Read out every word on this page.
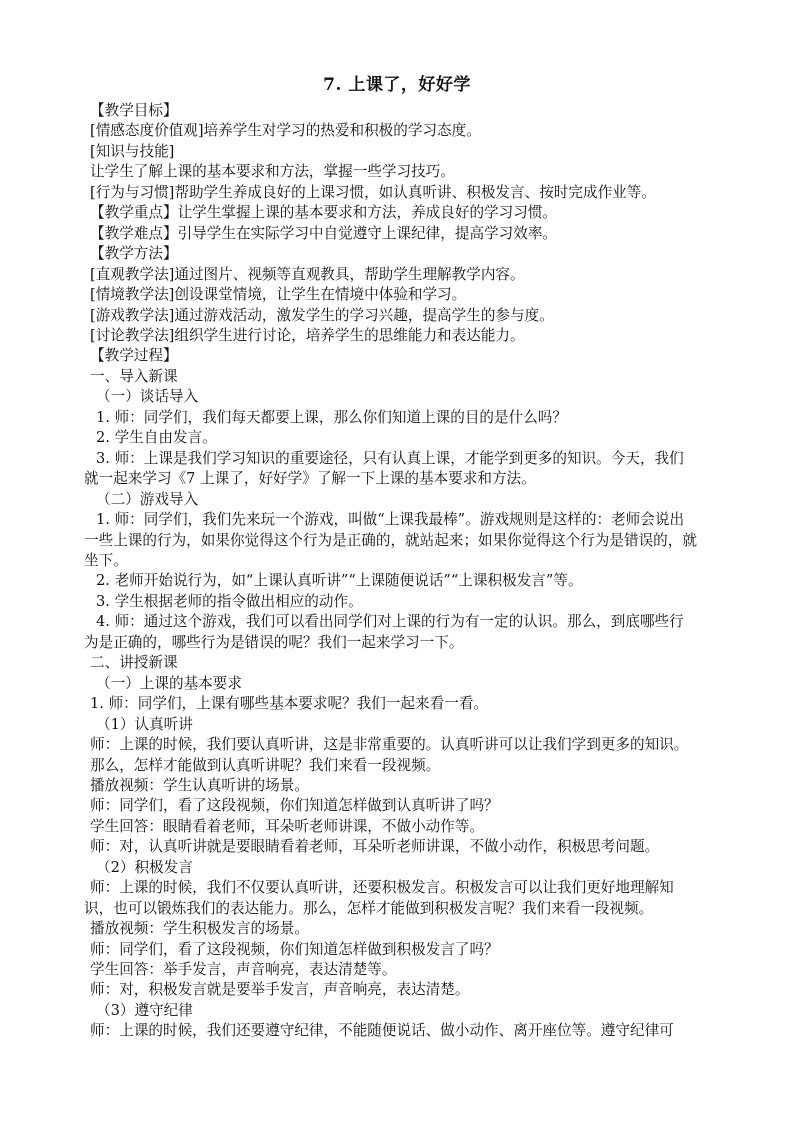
7. 上课了，好好学
【教学目标】
[情感态度价值观]培养学生对学习的热爱和积极的学习态度。
[知识与技能]
让学生了解上课的基本要求和方法，掌握一些学习技巧。
[行为与习惯]帮助学生养成良好的上课习惯，如认真听讲、积极发言、按时完成作业等。
【教学重点】让学生掌握上课的基本要求和方法，养成良好的学习习惯。
【教学难点】引导学生在实际学习中自觉遵守上课纪律，提高学习效率。
【教学方法】
[直观教学法]通过图片、视频等直观教具，帮助学生理解教学内容。
[情境教学法]创设课堂情境，让学生在情境中体验和学习。
[游戏教学法]通过游戏活动，激发学生的学习兴趣，提高学生的参与度。
[讨论教学法]组织学生进行讨论，培养学生的思维能力和表达能力。
【教学过程】
一、导入新课
（一）谈话导入
1. 师：同学们，我们每天都要上课，那么你们知道上课的目的是什么吗？
2. 学生自由发言。
3. 师：上课是我们学习知识的重要途径，只有认真上课，才能学到更多的知识。今天，我们
就一起来学习《7 上课了，好好学》了解一下上课的基本要求和方法。
（二）游戏导入
1. 师：同学们，我们先来玩一个游戏，叫做“上课我最棒”。游戏规则是这样的：老师会说出
一些上课的行为，如果你觉得这个行为是正确的，就站起来；如果你觉得这个行为是错误的，就
坐下。
2. 老师开始说行为，如“上课认真听讲”“上课随便说话”“上课积极发言”等。
3. 学生根据老师的指令做出相应的动作。
4. 师：通过这个游戏，我们可以看出同学们对上课的行为有一定的认识。那么，到底哪些行
为是正确的，哪些行为是错误的呢？我们一起来学习一下。
二、讲授新课
（一）上课的基本要求
1. 师：同学们，上课有哪些基本要求呢？我们一起来看一看。
（1）认真听讲
师：上课的时候，我们要认真听讲，这是非常重要的。认真听讲可以让我们学到更多的知识。
那么，怎样才能做到认真听讲呢？我们来看一段视频。
播放视频：学生认真听讲的场景。
师：同学们，看了这段视频，你们知道怎样做到认真听讲了吗？
学生回答：眼睛看着老师，耳朵听老师讲课，不做小动作等。
师：对，认真听讲就是要眼睛看着老师，耳朵听老师讲课，不做小动作，积极思考问题。
（2）积极发言
师：上课的时候，我们不仅要认真听讲，还要积极发言。积极发言可以让我们更好地理解知
识，也可以锻炼我们的表达能力。那么，怎样才能做到积极发言呢？我们来看一段视频。
播放视频：学生积极发言的场景。
师：同学们，看了这段视频，你们知道怎样做到积极发言了吗？
学生回答：举手发言，声音响亮，表达清楚等。
师：对，积极发言就是要举手发言，声音响亮，表达清楚。
（3）遵守纪律
师：上课的时候，我们还要遵守纪律，不能随便说话、做小动作、离开座位等。遵守纪律可
